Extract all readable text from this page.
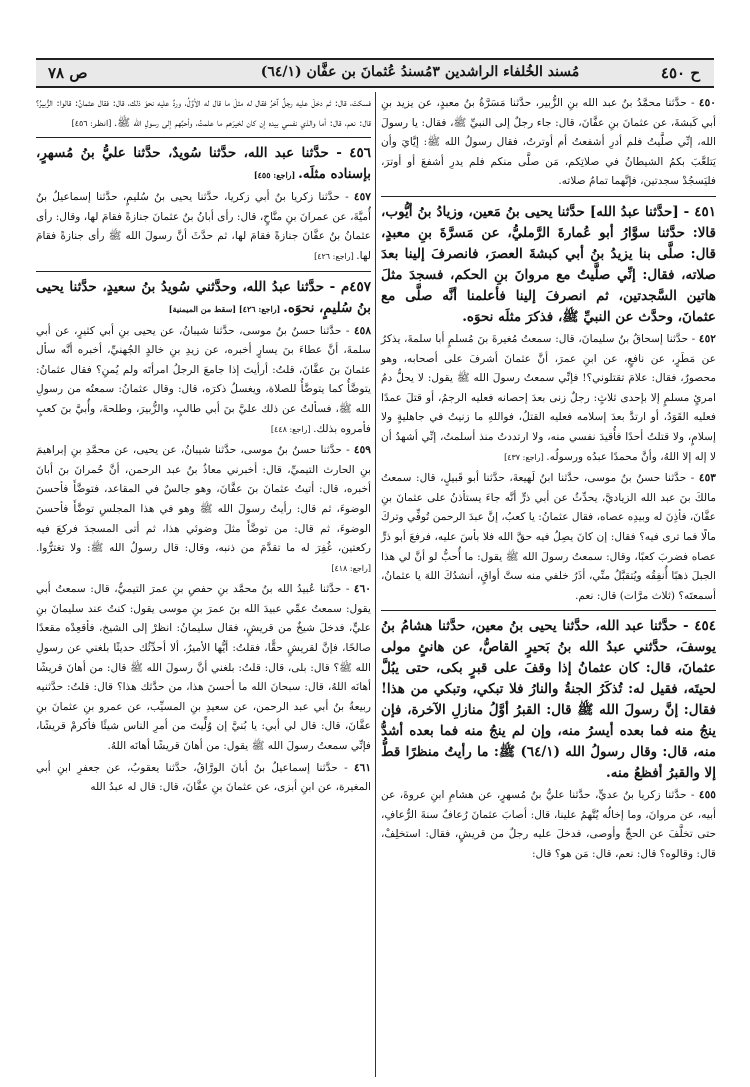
ح ٤٥٠
مُسند الخُلفاء الراشدين ٣مُسندُ عُثمانَ بن عفَّان (٦٤/١)
ص ٧٨

٤٥٠ - حدَّثنا محمَّدُ بنُ عبد الله بنِ الزُّبير، حدَّثنا مَسَرَّةُ بنُ معبدٍ، عن يزيد بنِ أبي كَبشةَ، عن عثمانَ بنِ عفَّانَ، قال: جاء رجلٌ إلى النبيِّ ﷺ، فقال: يا رسولَ الله، إنِّي صلَّيتُ فلم أدرِ أشفعتُ أم أوترتُ، فقال رسولُ الله ﷺ: إيَّايَ وأن يَتلعَّبَ بكمُ الشيطانُ في صلاتِكم، مَن صلَّى منكم فلم يدرِ أشفعَ أو أوترَ، فليَسجُدْ سجدتين، فإنَّهما تمامُ صلاته.

٤٥١ - [حدَّثنا عبدُ الله] حدَّثنا يحيى بنُ مَعين، وزيادُ بنُ أيُّوب، قالا: حدَّثنا سوَّارُ أبو عُمارةَ الرَّمليُّ، عن مَسرَّةَ بنِ معبدٍ، قال: صلَّى بنا يزيدُ بنُ أبي كبشةَ العصرَ، فانصرفَ إلينا بعدَ صلاته، فقال: إنِّي صلَّيتُ مع مروانَ بنِ الحكم، فسجدَ مثلَ هاتين السَّجدتين، ثم انصرفَ إلينا فأعلمنا أنَّه صلَّى مع عثمانَ، وحدَّث عن النبيِّ ﷺ، فذكرَ مثلَه نحوَه.

٤٥٢ - حدَّثنا إسحاقُ بنُ سليمانَ، قال: سمعتُ مُغيرةَ بنَ مُسلمٍ أبا سلمةَ، يذكرُ عن مَطَرٍ، عن نافعٍ، عن ابنِ عمرَ، أنَّ عثمانَ أشرفَ على أصحابه، وهو محصورٌ، فقال: علامَ تقتلوني؟! فإنِّي سمعتُ رسولَ الله ﷺ يقول: لا يحلُّ دمُ امرئٍ مسلمٍ إلا بإحدى ثلاثٍ: رجلٌ زنى بعدَ إحصانه فعليه الرجمُ، أو قتلَ عمدًا فعليه القَوَدُ، أو ارتدَّ بعدَ إسلامه فعليه القتلُ، فواللهِ ما زنيتُ في جاهليةٍ ولا إسلامٍ، ولا قتلتُ أحدًا فأُقيدَ نفسي منه، ولا ارتددتُ منذ أسلمتُ، إنِّي أشهدُ أن لا إله إلا اللهُ، وأنَّ محمدًا عبدُه ورسولُه. [راجع: ٤٣٧]

٤٥٣ - حدَّثنا حسنُ بنُ موسى، حدَّثنا ابنُ لَهيعةَ، حدَّثنا أبو قَبيلٍ، قال: سمعتُ مالكَ بنَ عبد الله الزياديَّ، يحدِّثُ عن أبي ذرٍّ أنَّه جاءَ يستأذنُ على عثمانَ بنِ عفَّانَ، فأذِنَ له وبيدِه عصاه، فقال عثمانُ: يا كعبُ، إنَّ عبدَ الرحمن تُوفِّي وتركَ مالًا فما ترى فيه؟ فقال: إن كانَ يصِلُ فيه حقَّ الله فلا بأسَ عليه، فرفعَ أبو ذرٍّ عصاه فضربَ كعبًا، وقال: سمعتُ رسولَ الله ﷺ يقول: ما أُحبُّ لو أنَّ لي هذا الجبلَ ذهبًا أُنفِقُه ويُتقبَّلُ منِّي، أذَرُ خلفي منه ستَّ أواقٍ، أنشدُكَ اللهَ يا عثمانُ، أسمعتَه؟ (ثلاث مرَّات) قال: نعم.

٤٥٤ - حدَّثنا عبد الله، حدَّثنا يحيى بنُ معين، حدَّثنا هشامُ بنُ يوسفَ، حدَّثني عبدُ الله بنُ بَحيرٍ القاصُّ، عن هانئٍ مولى عثمانَ، قال: كان عثمانُ إذا وقفَ على قبرٍ بكى، حتى يبُلَّ لحيتَه، فقيل له: تُذكَرُ الجنةُ والنارُ فلا تبكي، وتبكي من هذا! فقال: إنَّ رسولَ الله ﷺ قال: القبرُ أوَّلُ منازلِ الآخرة، فإن ينجُ منه فما بعده أيسرُ منه، وإن لم ينجُ منه فما بعده أشدُّ منه، قال: وقال رسولُ الله (٦٤/١) ﷺ: ما رأيتُ منظرًا قطُّ إلا والقبرُ أفظعُ منه.

٤٥٥ - حدَّثنا زكريا بنُ عديٍّ، حدَّثنا عليُّ بنُ مُسهرٍ، عن هشامِ ابنِ عروةَ، عن أبيه، عن مروانَ، وما إخالُه يُتَّهمُ علينا، قال: أصابَ عثمانَ رُعافٌ سنةَ الرُّعافِ، حتى تخلَّفَ عن الحجِّ وأوصى، فدخلَ عليه رجلٌ من قريشٍ، فقال: استخلِفْ، قال: وقالوه؟ قال: نعم، قال: مَن هو؟ قال:

فسكتَ، قال: ثم دخلَ عليه رجلٌ آخرُ فقال له مثلَ ما قال له الأوَّلُ، وردَّ عليه نحوَ ذلك، قال: فقال عثمانُ: قالوا: الزُّبيرُ؟ قال: نعم، قال: أما والذي نفسي بيده إن كان لخيرَهم ما علمتُ، وأحبَّهم إلى رسولِ الله ﷺ. [انظر: ٤٥٦]

٤٥٦ - حدَّثنا عبد الله، حدَّثنا سُويدٌ، حدَّثنا عليُّ بنُ مُسهرٍ، بإسناده مثلَه. [راجع: ٤٥٥]

٤٥٧ - حدَّثنا زكريا بنُ أبي زكريا، حدَّثنا يحيى بنُ سُليمٍ، حدَّثنا إسماعيلُ بنُ أُميَّةَ، عن عمرانَ بنِ منَّاحٍ، قال: رأى أبانُ بنُ عثمانَ جنازةً فقامَ لها، وقال: رأى عثمانُ بنُ عفَّانَ جنازةً فقامَ لها، ثم حدَّثَ أنَّ رسولَ الله ﷺ رأى جنازةً فقامَ لها. [راجع: ٤٢٦]

٤٥٧م - حدَّثنا عبدُ الله، وحدَّثني سُويدُ بنُ سعيدٍ، حدَّثنا يحيى بنُ سُليمٍ، نحوَه. [راجع: ٤٢٦] [سقط من الميمنية]

٤٥٨ - حدَّثنا حسنُ بنُ موسى، حدَّثنا شيبانُ، عن يحيى بنِ أبي كثيرٍ، عن أبي سلمةَ، أنَّ عطاءَ بنَ يسارٍ أخبره، عن زيدِ بنِ خالدٍ الجُهنيِّ، أخبره أنَّه سأل عثمانَ بنَ عفَّانَ، قلتُ: أرأيتَ إذا جامعَ الرجلُ امرأتَه ولم يُمنِ؟ فقال عثمانُ: يتوضَّأُ كما يتوضَّأُ للصلاة، ويغسلُ ذكرَه، قال: وقال عثمانُ: سمعتُه من رسولِ الله ﷺ، فسألتُ عن ذلك عليَّ بنَ أبي طالبٍ، والزُّبيرَ، وطلحةَ، وأُبيَّ بنَ كعبٍ فأمروه بذلك. [راجع: ٤٤٨]

٤٥٩ - حدَّثنا حسنُ بنُ موسى، حدَّثنا شيبانُ، عن يحيى، عن محمَّدِ بنِ إبراهيمَ بنِ الحارث التيميِّ، قال: أخبرني معاذُ بنُ عبد الرحمن، أنَّ حُمرانَ بنَ أبانَ أخبره، قال: أتيتُ عثمانَ بنَ عفَّانَ، وهو جالسٌ في المقاعد، فتوضَّأَ فأحسنَ الوضوءَ، ثم قال: رأيتُ رسولَ الله ﷺ وهو في هذا المجلسِ توضَّأَ فأحسنَ الوضوءَ، ثم قال: من توضَّأَ مثلَ وضوئي هذا، ثم أتى المسجدَ فركعَ فيه ركعتين، غُفِرَ له ما تقدَّمَ من ذنبه، وقال: قال رسولُ الله ﷺ: ولا تغترُّوا. [راجع: ٤١٨]

٤٦٠ - حدَّثنا عُبيدُ الله بنُ محمَّد بنِ حفصِ بنِ عمرَ التيميُّ، قال: سمعتُ أبي يقول: سمعتُ عمِّي عبيدَ الله بنَ عمرَ بنِ موسى يقول: كنتُ عند سليمانَ بنِ عليٍّ، فدخلَ شيخٌ من قريشٍ، فقال سليمانُ: انظرْ إلى الشيخ، فأقعِدْه مقعدًا صالحًا، فإنَّ لقريشٍ حقًّا، فقلتُ: أيُّها الأميرُ، ألا أحدِّثُك حديثًا بلغني عن رسولِ الله ﷺ؟ قال: بلى، قال: قلتُ: بلغني أنَّ رسولَ الله ﷺ قال: من أهانَ قريشًا أهانَه اللهُ، قال: سبحانَ الله ما أحسنَ هذا، من حدَّثك هذا؟ قال: قلتُ: حدَّثنيه ربيعةُ بنُ أبي عبد الرحمن، عن سعيدِ بنِ المسيِّب، عن عمرو بنِ عثمانَ بنِ عفَّانَ، قال: قال لي أبي: يا بُنيَّ إن وُلِّيتَ من أمرِ الناس شيئًا فأكرمْ قريشًا، فإنِّي سمعتُ رسولَ الله ﷺ يقول: من أهانَ قريشًا أهانَه اللهُ.

٤٦١ - حدَّثنا إسماعيلُ بنُ أبانَ الورَّاقُ، حدَّثنا يعقوبُ، عن جعفرِ ابنِ أبي المغيرة، عن ابنِ أبزى، عن عثمانَ بنِ عفَّانَ، قال: قال له عبدُ الله
